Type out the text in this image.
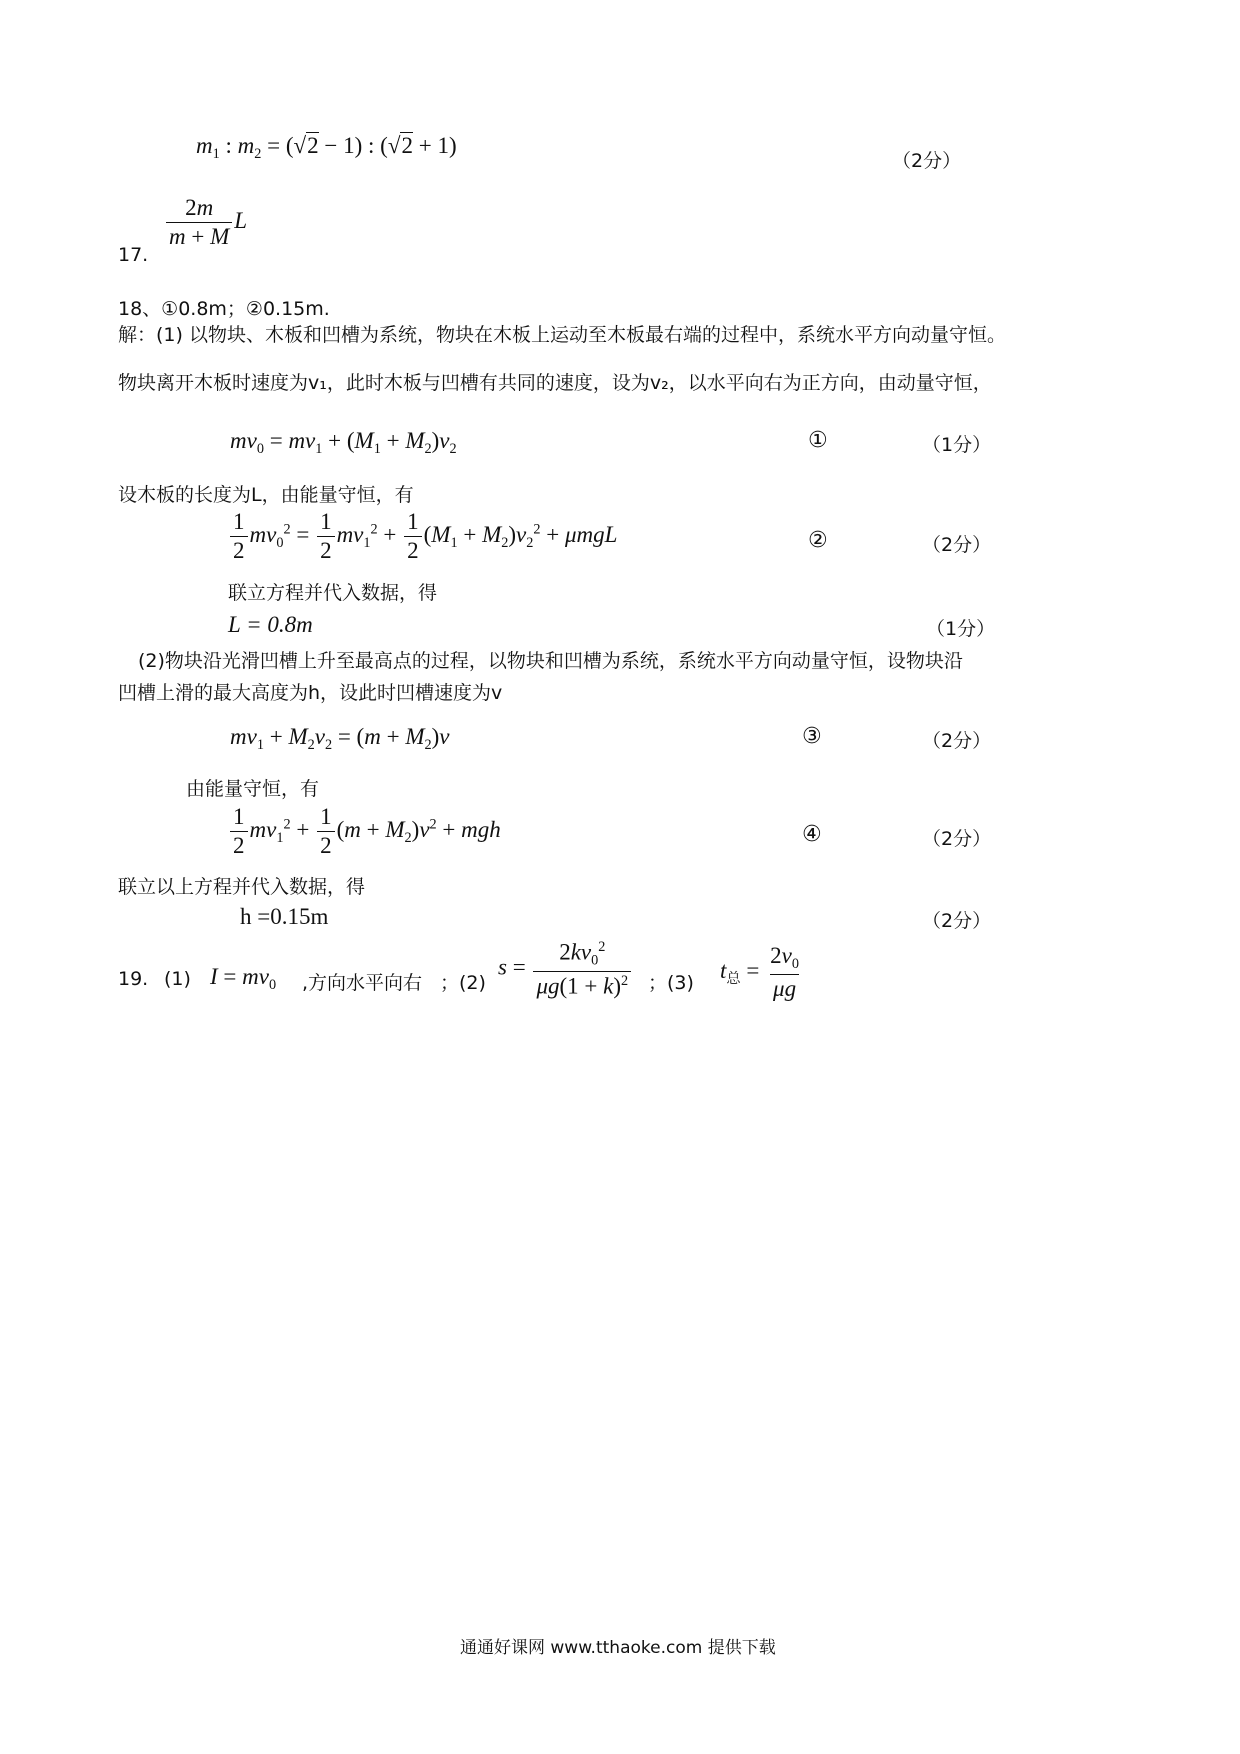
$m_1$ : $m_2 = (√2 - 1)$ : (√2 + 1)
（2分）
17.
$\frac{2m}{m + M}$ L
18、①0.8m；②0.15m.
解：(1) 以物块、木板和凹槽为系统，物块在木板上运动至木板最右端的过程中，系统水平方向动量守恒。
物块离开木板时速度为v₁，此时木板与凹槽有共同的速度，设为v₂，以水平向右为正方向，由动量守恒，
$mv_0 = mv_1 + (M_1 + M_2)v_2$	①	（1分）
设木板的长度为L，由能量守恒，有
$\frac{1}{2} mv_0^2 = \frac{1}{2} mv_1^2 + \frac{1}{2} (M_1 + M_2)v_2^2 + \mu mgL$	②	（2分）
联立方程并代入数据，得
L = 0.8m	（1分）
(2)物块沿光滑凹槽上升至最高点的过程，以物块和凹槽为系统，系统水平方向动量守恒，设物块沿
凹槽上滑的最大高度为h，设此时凹槽速度为v
$mv_1 + M_2v_2 = (m + M_2)v$	③	（2分）
由能量守恒，有
$\frac{1}{2} mv_1^2 + \frac{1}{2} (m + M_2)v^2$ + mgh	④	（2分）
联立以上方程并代入数据，得
h =0.15m	（2分）
19. (1) $I = mv_0$ ,方向水平向右 ；(2)
$s = \frac{2kv_0^2}{\mu g(1 + k)^2}$ ；(3)
$t_总 = \frac{2v_0}{\mu g}$
通通好课网 www.tthaoke.com 提供下载
